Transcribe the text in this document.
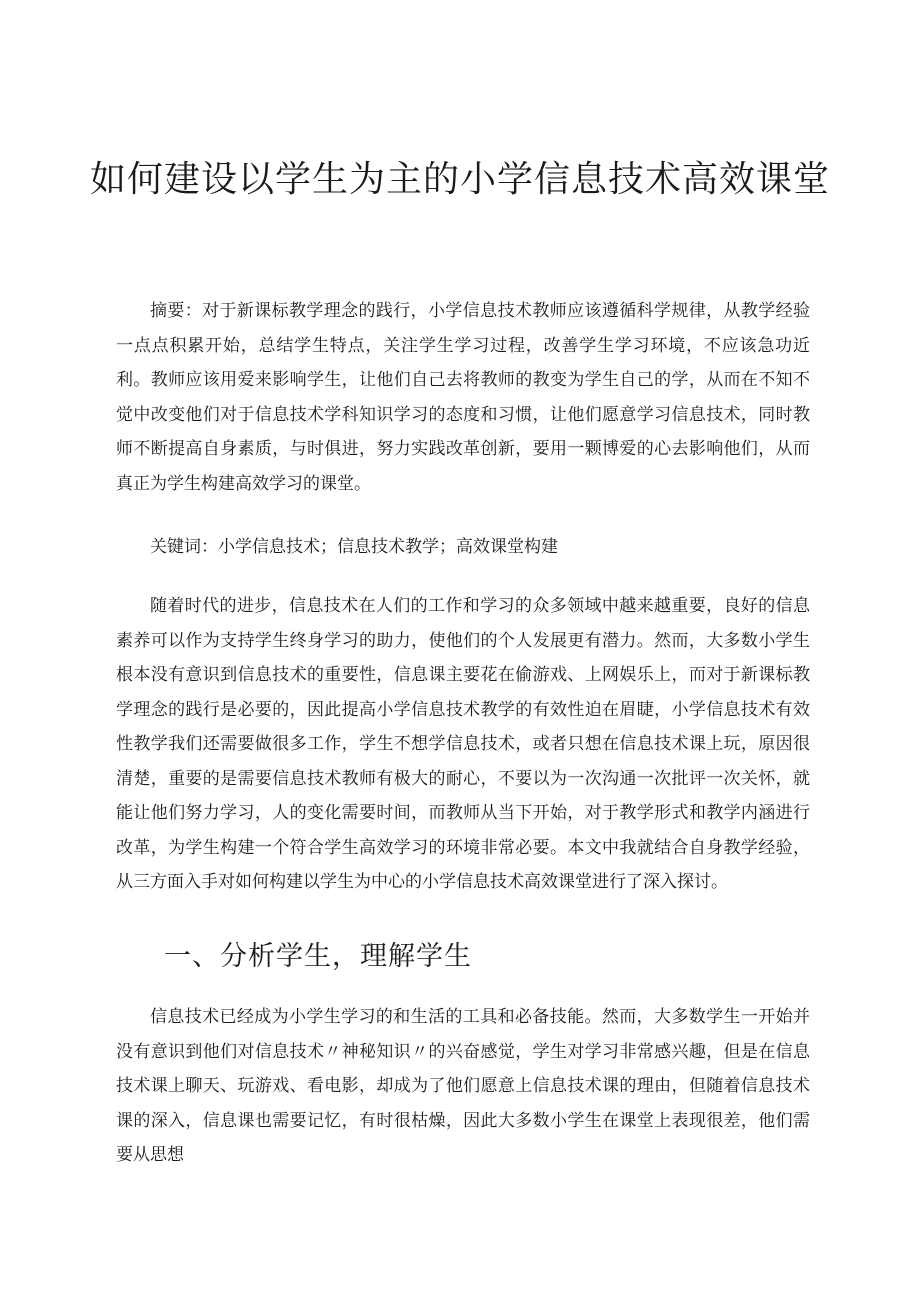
如何建设以学生为主的小学信息技术高效课堂

摘要：对于新课标教学理念的践行，小学信息技术教师应该遵循科学规律，从教学经验一点点积累开始，总结学生特点，关注学生学习过程，改善学生学习环境，不应该急功近利。教师应该用爱来影响学生，让他们自己去将教师的教变为学生自己的学，从而在不知不觉中改变他们对于信息技术学科知识学习的态度和习惯，让他们愿意学习信息技术，同时教师不断提高自身素质，与时俱进，努力实践改革创新，要用一颗博爱的心去影响他们，从而真正为学生构建高效学习的课堂。

关键词：小学信息技术；信息技术教学；高效课堂构建

随着时代的进步，信息技术在人们的工作和学习的众多领域中越来越重要，良好的信息素养可以作为支持学生终身学习的助力，使他们的个人发展更有潜力。然而，大多数小学生根本没有意识到信息技术的重要性，信息课主要花在偷游戏、上网娱乐上，而对于新课标教学理念的践行是必要的，因此提高小学信息技术教学的有效性迫在眉睫，小学信息技术有效性教学我们还需要做很多工作，学生不想学信息技术，或者只想在信息技术课上玩，原因很清楚，重要的是需要信息技术教师有极大的耐心，不要以为一次沟通一次批评一次关怀，就能让他们努力学习，人的变化需要时间，而教师从当下开始，对于教学形式和教学内涵进行改革，为学生构建一个符合学生高效学习的环境非常必要。本文中我就结合自身教学经验，从三方面入手对如何构建以学生为中心的小学信息技术高效课堂进行了深入探讨。

一、分析学生，理解学生

信息技术已经成为小学生学习的和生活的工具和必备技能。然而，大多数学生一开始并没有意识到他们对信息技术〃神秘知识〃的兴奋感觉，学生对学习非常感兴趣，但是在信息技术课上聊天、玩游戏、看电影，却成为了他们愿意上信息技术课的理由，但随着信息技术课的深入，信息课也需要记忆，有时很枯燥，因此大多数小学生在课堂上表现很差，他们需要从思想
